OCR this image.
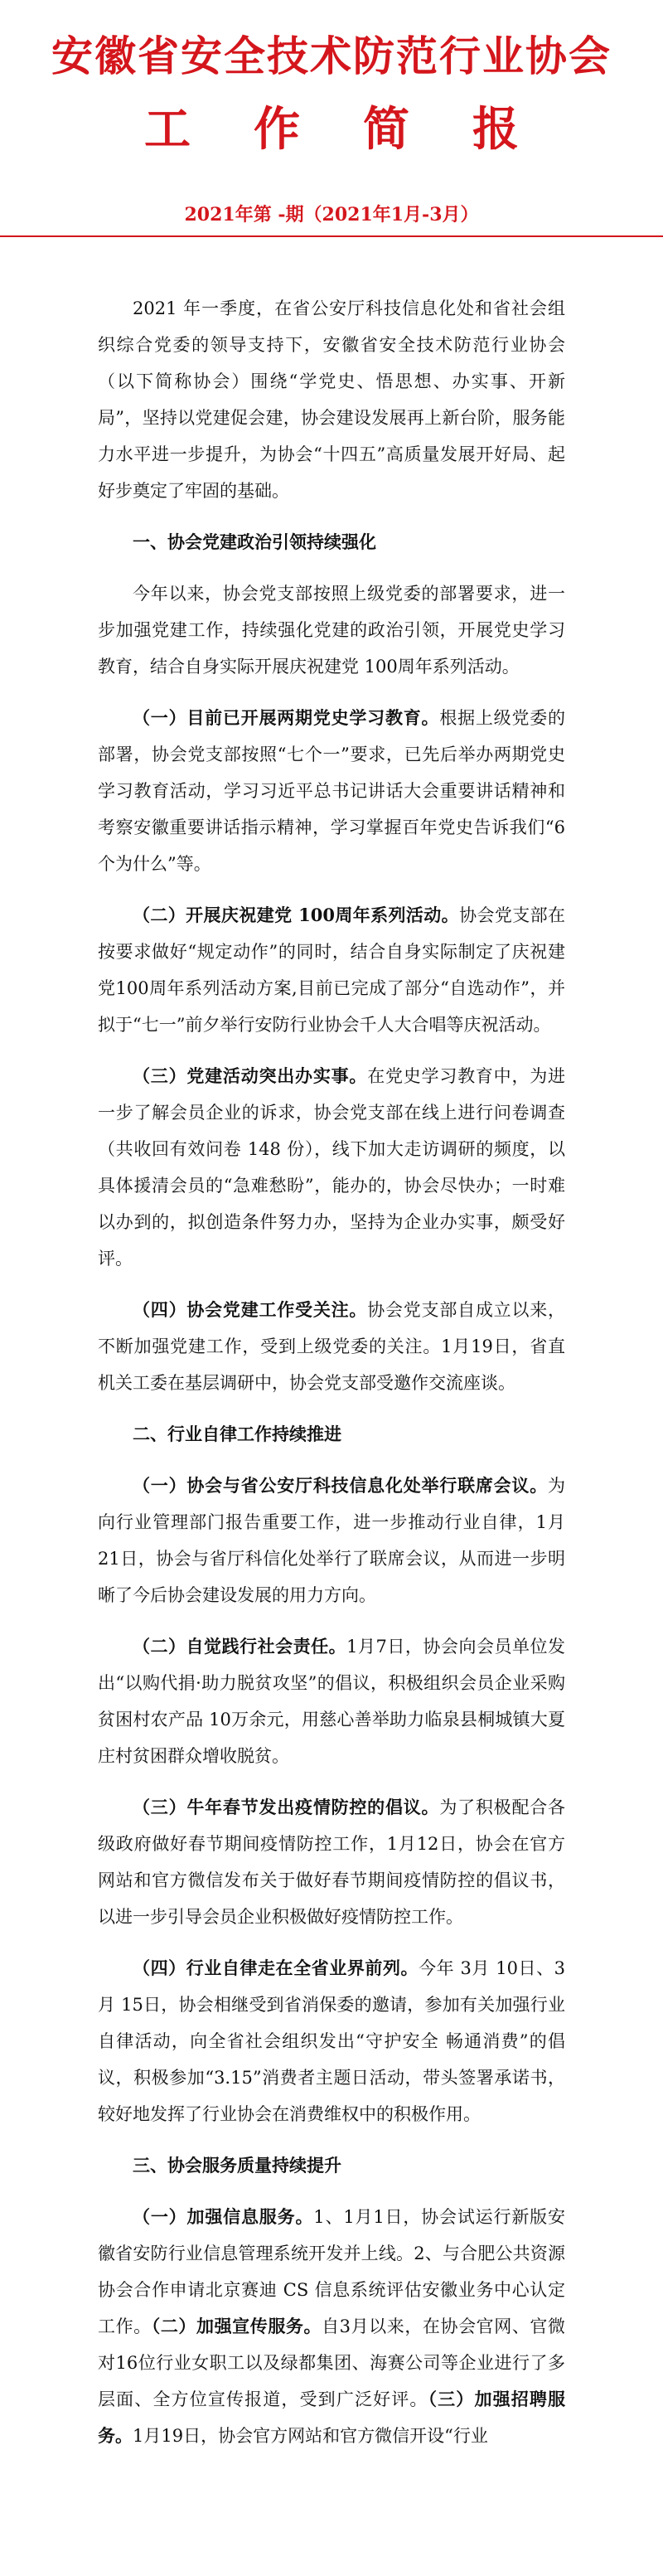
安徽省安全技术防范行业协会
工作简报
2021年第 -期（2021年1月-3月）

2021 年一季度，在省公安厅科技信息化处和省社会组织综合党委的领导支持下，安徽省安全技术防范行业协会（以下简称协会）围绕“学党史、悟思想、办实事、开新局”，坚持以党建促会建，协会建设发展再上新台阶，服务能力水平进一步提升，为协会“十四五”高质量发展开好局、起好步奠定了牢固的基础。

一、协会党建政治引领持续强化

今年以来，协会党支部按照上级党委的部署要求，进一步加强党建工作，持续强化党建的政治引领，开展党史学习教育，结合自身实际开展庆祝建党 100周年系列活动。

（一）目前已开展两期党史学习教育。根据上级党委的部署，协会党支部按照“七个一”要求，已先后举办两期党史学习教育活动，学习习近平总书记讲话大会重要讲话精神和考察安徽重要讲话指示精神，学习掌握百年党史告诉我们“6个为什么”等。

（二）开展庆祝建党 100周年系列活动。协会党支部在按要求做好“规定动作”的同时，结合自身实际制定了庆祝建党100周年系列活动方案,目前已完成了部分“自选动作”，并拟于“七一”前夕举行安防行业协会千人大合唱等庆祝活动。

（三）党建活动突出办实事。在党史学习教育中，为进一步了解会员企业的诉求，协会党支部在线上进行问卷调查（共收回有效问卷 148 份），线下加大走访调研的频度，以具体援清会员的“急难愁盼”，能办的，协会尽快办；一时难以办到的，拟创造条件努力办，坚持为企业办实事，颇受好评。

（四）协会党建工作受关注。协会党支部自成立以来，不断加强党建工作，受到上级党委的关注。1月19日，省直机关工委在基层调研中，协会党支部受邀作交流座谈。

二、行业自律工作持续推进

（一）协会与省公安厅科技信息化处举行联席会议。为向行业管理部门报告重要工作，进一步推动行业自律，1月21日，协会与省厅科信化处举行了联席会议，从而进一步明晰了今后协会建设发展的用力方向。

（二）自觉践行社会责任。1月7日，协会向会员单位发出“以购代捐·助力脱贫攻坚”的倡议，积极组织会员企业采购贫困村农产品 10万余元，用慈心善举助力临泉县桐城镇大夏庄村贫困群众增收脱贫。

（三）牛年春节发出疫情防控的倡议。为了积极配合各级政府做好春节期间疫情防控工作，1月12日，协会在官方网站和官方微信发布关于做好春节期间疫情防控的倡议书，以进一步引导会员企业积极做好疫情防控工作。

（四）行业自律走在全省业界前列。今年 3月 10日、3月 15日，协会相继受到省消保委的邀请，参加有关加强行业自律活动，向全省社会组织发出“守护安全 畅通消费”的倡议，积极参加“3.15”消费者主题日活动，带头签署承诺书，较好地发挥了行业协会在消费维权中的积极作用。

三、协会服务质量持续提升

（一）加强信息服务。1、1月1日，协会试运行新版安徽省安防行业信息管理系统开发并上线。2、与合肥公共资源协会合作申请北京赛迪 CS 信息系统评估安徽业务中心认定工作。（二）加强宣传服务。自3月以来，在协会官网、官微对16位行业女职工以及绿都集团、海赛公司等企业进行了多层面、全方位宣传报道，受到广泛好评。（三）加强招聘服务。1月19日，协会官方网站和官方微信开设“行业
